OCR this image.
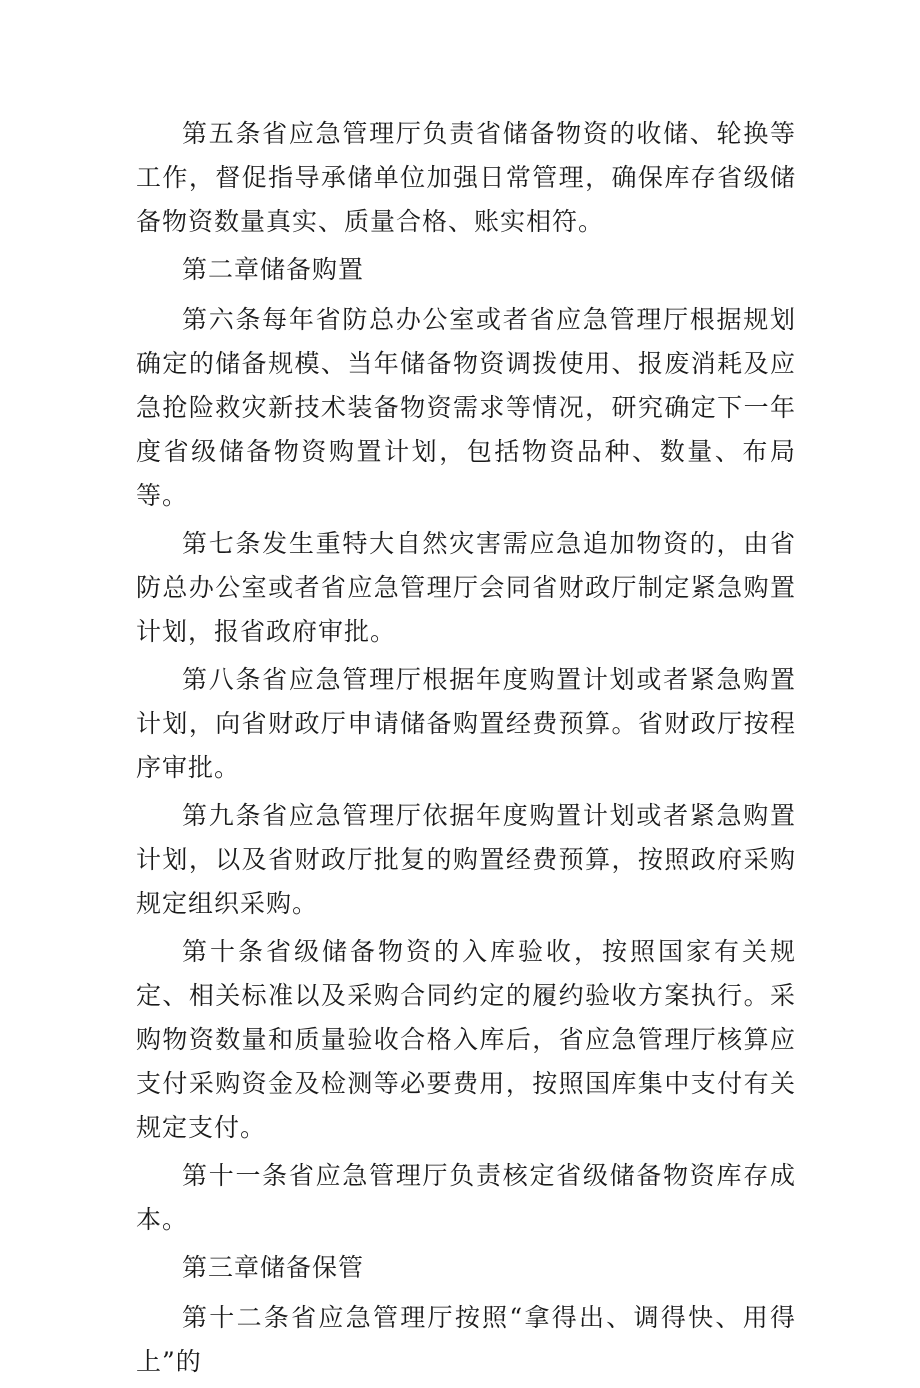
第五条省应急管理厅负责省储备物资的收储、轮换等工作，督促指导承储单位加强日常管理，确保库存省级储备物资数量真实、质量合格、账实相符。

第二章储备购置

第六条每年省防总办公室或者省应急管理厅根据规划确定的储备规模、当年储备物资调拨使用、报废消耗及应急抢险救灾新技术装备物资需求等情况，研究确定下一年度省级储备物资购置计划，包括物资品种、数量、布局等。

第七条发生重特大自然灾害需应急追加物资的，由省防总办公室或者省应急管理厅会同省财政厅制定紧急购置计划，报省政府审批。

第八条省应急管理厅根据年度购置计划或者紧急购置计划，向省财政厅申请储备购置经费预算。省财政厅按程序审批。

第九条省应急管理厅依据年度购置计划或者紧急购置计划，以及省财政厅批复的购置经费预算，按照政府采购规定组织采购。

第十条省级储备物资的入库验收，按照国家有关规定、相关标准以及采购合同约定的履约验收方案执行。采购物资数量和质量验收合格入库后，省应急管理厅核算应支付采购资金及检测等必要费用，按照国库集中支付有关规定支付。

第十一条省应急管理厅负责核定省级储备物资库存成本。

第三章储备保管

第十二条省应急管理厅按照“拿得出、调得快、用得上”的
